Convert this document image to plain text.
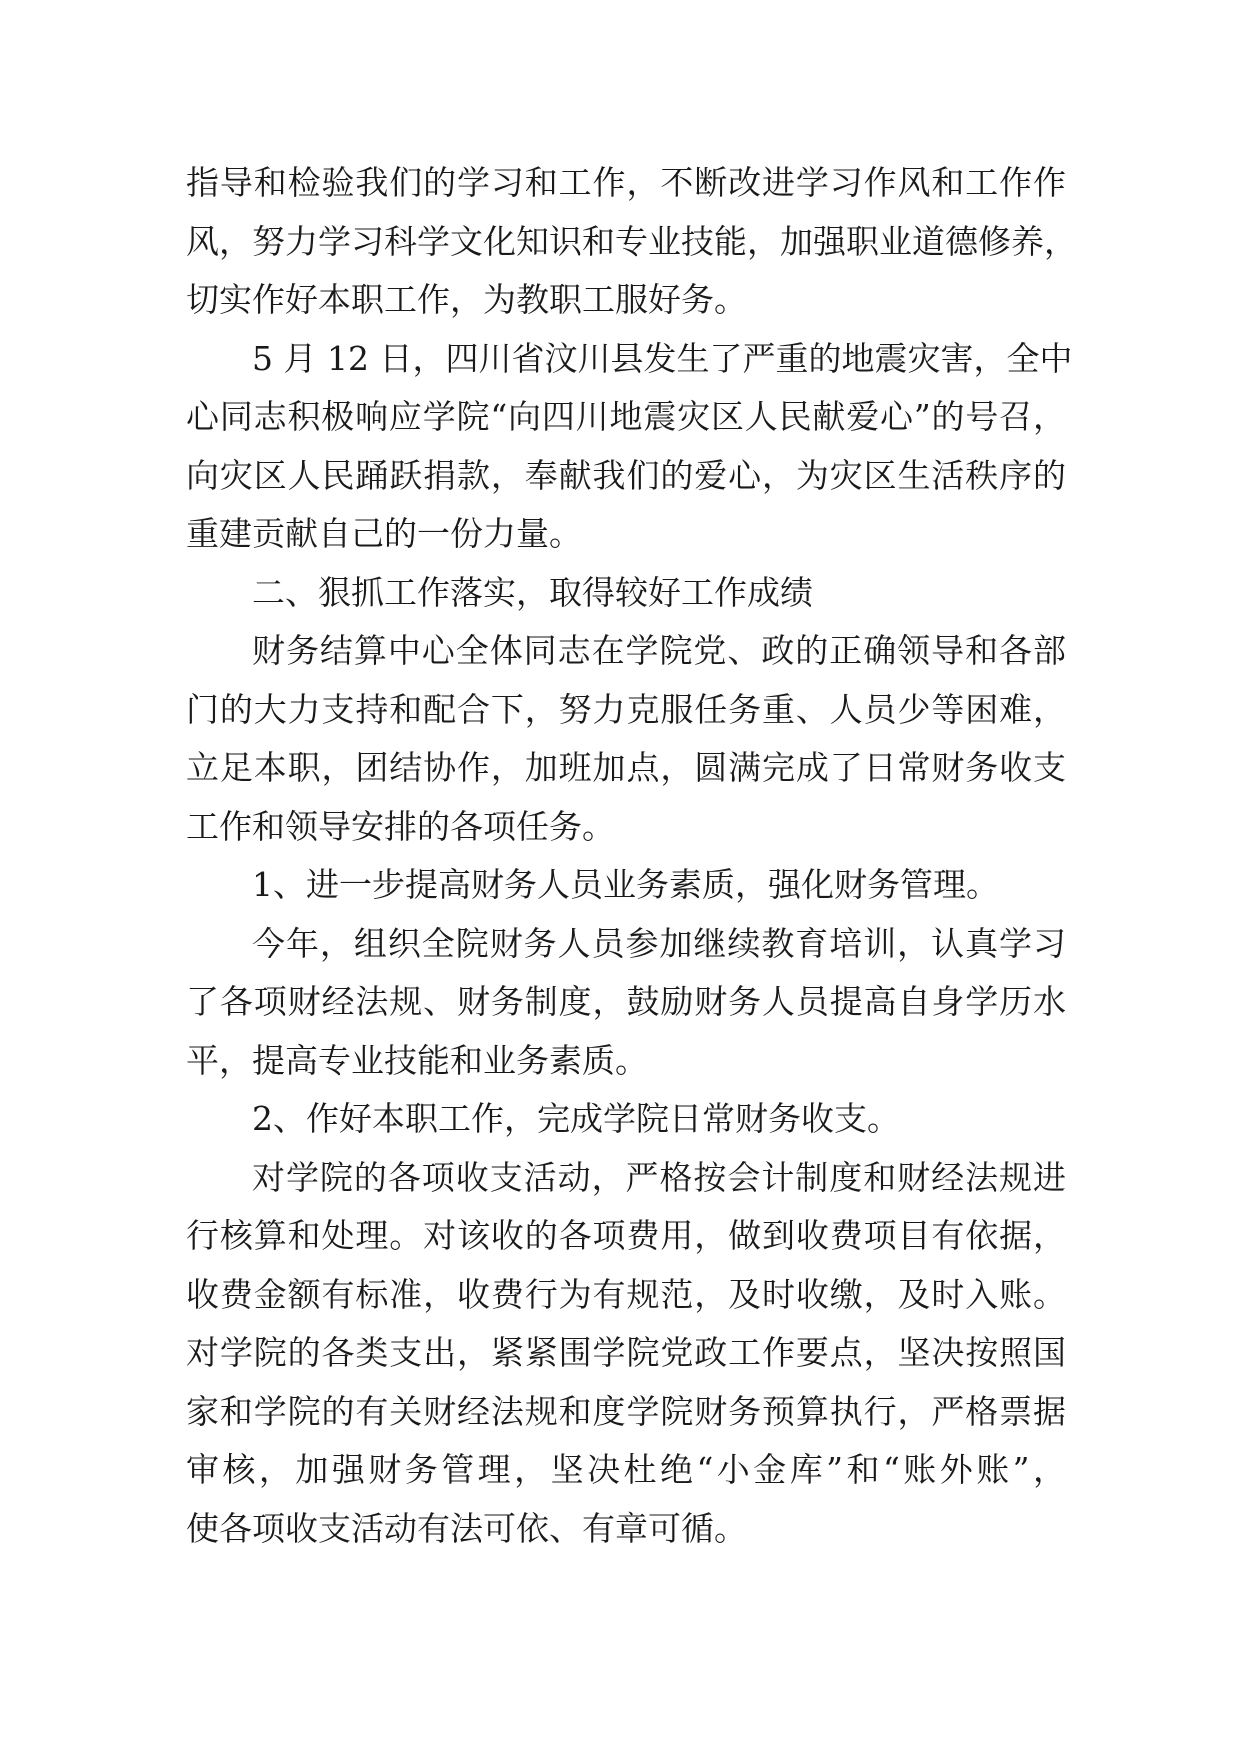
指导和检验我们的学习和工作，不断改进学习作风和工作作
风，努力学习科学文化知识和专业技能，加强职业道德修养，
切实作好本职工作，为教职工服好务。
5 月 12 日，四川省汶川县发生了严重的地震灾害，全中
心同志积极响应学院“向四川地震灾区人民献爱心”的号召，
向灾区人民踊跃捐款，奉献我们的爱心，为灾区生活秩序的
重建贡献自己的一份力量。
二、狠抓工作落实，取得较好工作成绩
财务结算中心全体同志在学院党、政的正确领导和各部
门的大力支持和配合下，努力克服任务重、人员少等困难，
立足本职，团结协作，加班加点，圆满完成了日常财务收支
工作和领导安排的各项任务。
1、进一步提高财务人员业务素质，强化财务管理。
今年，组织全院财务人员参加继续教育培训，认真学习
了各项财经法规、财务制度，鼓励财务人员提高自身学历水
平，提高专业技能和业务素质。
2、作好本职工作，完成学院日常财务收支。
对学院的各项收支活动，严格按会计制度和财经法规进
行核算和处理。对该收的各项费用，做到收费项目有依据，
收费金额有标准，收费行为有规范，及时收缴，及时入账。
对学院的各类支出，紧紧围学院党政工作要点，坚决按照国
家和学院的有关财经法规和度学院财务预算执行，严格票据
审核，加强财务管理，坚决杜绝“小金库”和“账外账”，
使各项收支活动有法可依、有章可循。
